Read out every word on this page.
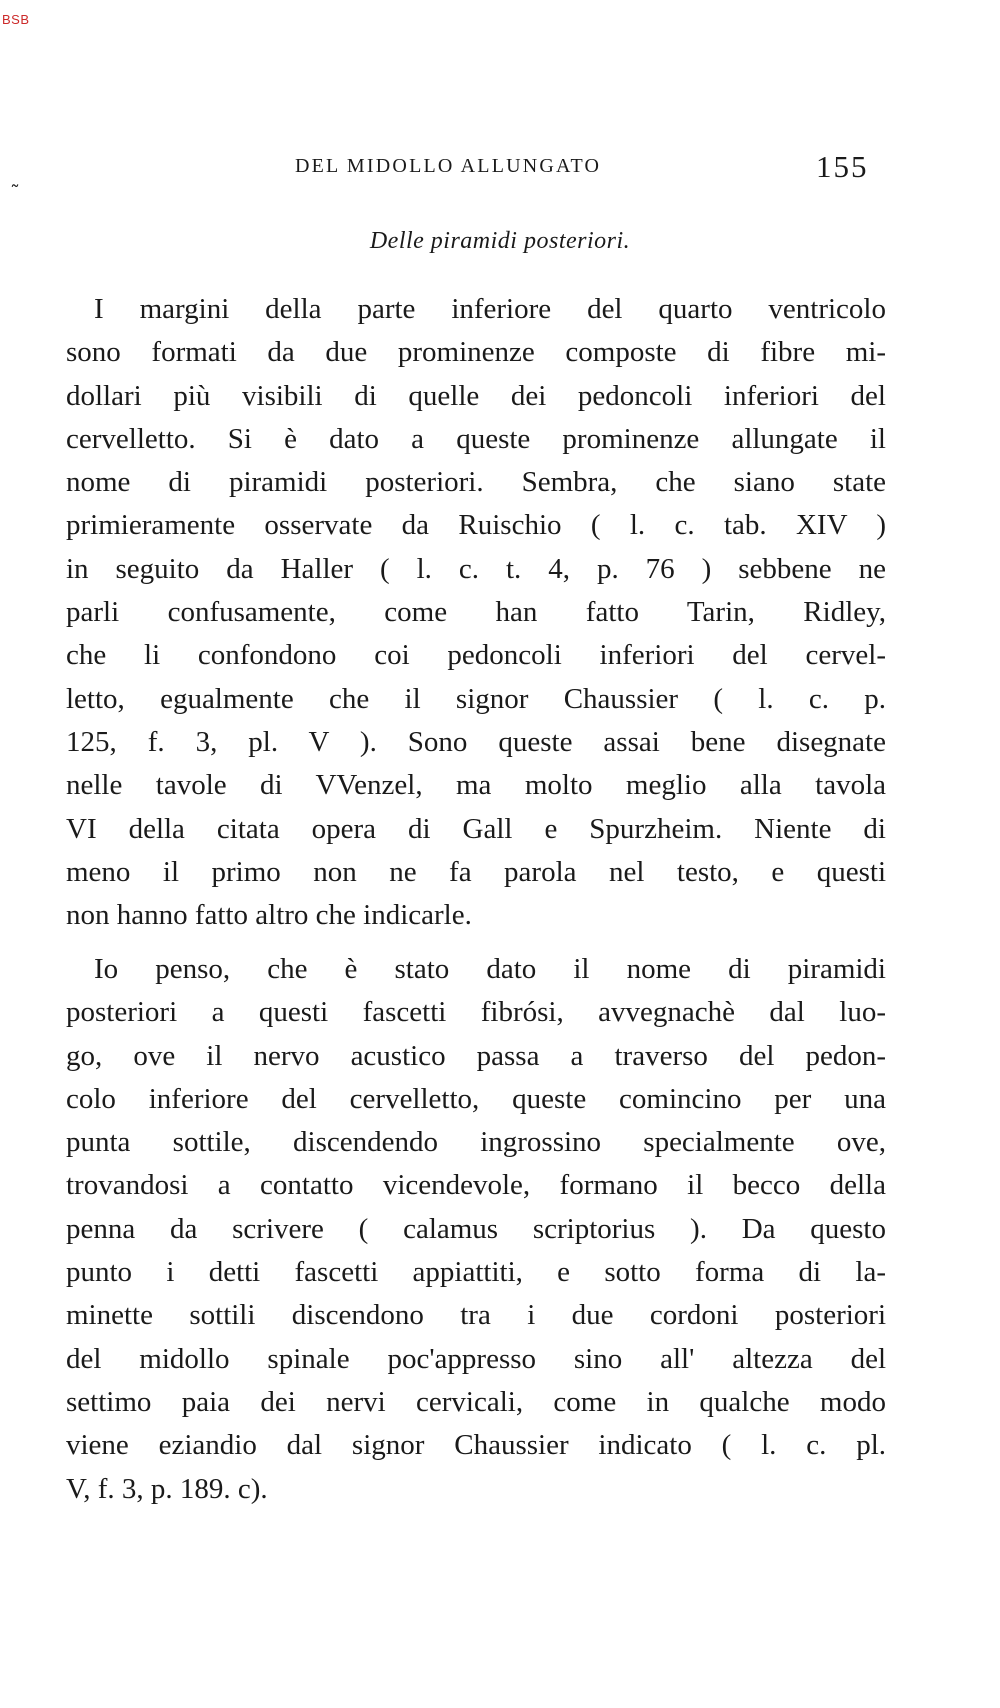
BSB
˷	DEL MIDOLLO ALLUNGATO	155
Delle piramidi posteriori.
I margini della parte inferiore del quarto ventricolo
sono formati da due prominenze composte di fibre mi-
dollari più visibili di quelle dei pedoncoli inferiori del
cervelletto. Si è dato a queste prominenze allungate il
nome di piramidi posteriori. Sembra, che siano state
primieramente osservate da Ruischio ( l. c. tab. XIV )
in seguito da Haller ( l. c. t. 4, p. 76 ) sebbene ne
parli confusamente, come han fatto Tarin, Ridley,
che li confondono coi pedoncoli inferiori del cervel-
letto, egualmente che il signor Chaussier ( l. c. p.
125, f. 3, pl. V ). Sono queste assai bene disegnate
nelle tavole di VVenzel, ma molto meglio alla tavola
VI della citata opera di Gall e Spurzheim. Niente di
meno il primo non ne fa parola nel testo, e questi
non hanno fatto altro che indicarle.
Io penso, che è stato dato il nome di piramidi
posteriori a questi fascetti fibrósi, avvegnachè dal luo-
go, ove il nervo acustico passa a traverso del pedon-
colo inferiore del cervelletto, queste comincino per una
punta sottile, discendendo ingrossino specialmente ove,
trovandosi a contatto vicendevole, formano il becco della
penna da scrivere ( calamus scriptorius ). Da questo
punto i detti fascetti appiattiti, e sotto forma di la-
minette sottili discendono tra i due cordoni posteriori
del midollo spinale poc'appresso sino all' altezza del
settimo paia dei nervi cervicali, come in qualche modo
viene eziandio dal signor Chaussier indicato ( l. c. pl.
V, f. 3, p. 189. c).
